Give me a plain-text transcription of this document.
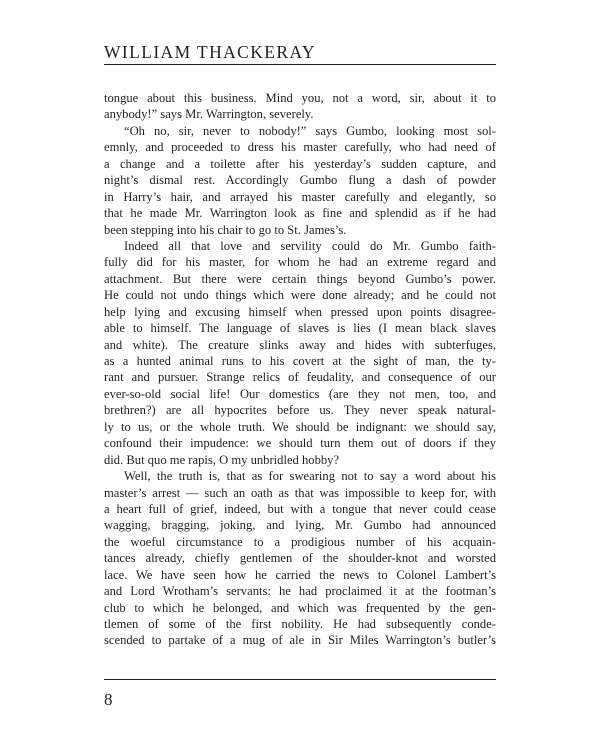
WILLIAM THACKERAY
tongue about this business. Mind you, not a word, sir, about it to
anybody!” says Mr. Warrington, severely.
“Oh no, sir, never to nobody!” says Gumbo, looking most sol-
emnly, and proceeded to dress his master carefully, who had need of
a change and a toilette after his yesterday’s sudden capture, and
night’s dismal rest. Accordingly Gumbo flung a dash of powder
in Harry’s hair, and arrayed his master carefully and elegantly, so
that he made Mr. Warrington look as fine and splendid as if he had
been stepping into his chair to go to St. James’s.
Indeed all that love and servility could do Mr. Gumbo faith-
fully did for his master, for whom he had an extreme regard and
attachment. But there were certain things beyond Gumbo’s power.
He could not undo things which were done already; and he could not
help lying and excusing himself when pressed upon points disagree-
able to himself. The language of slaves is lies (I mean black slaves
and white). The creature slinks away and hides with subterfuges,
as a hunted animal runs to his covert at the sight of man, the ty-
rant and pursuer. Strange relics of feudality, and consequence of our
ever-so-old social life! Our domestics (are they not men, too, and
brethren?) are all hypocrites before us. They never speak natural-
ly to us, or the whole truth. We should be indignant: we should say,
confound their impudence: we should turn them out of doors if they
did. But quo me rapis, O my unbridled hobby?
Well, the truth is, that as for swearing not to say a word about his
master’s arrest — such an oath as that was impossible to keep for, with
a heart full of grief, indeed, but with a tongue that never could cease
wagging, bragging, joking, and lying, Mr. Gumbo had announced
the woeful circumstance to a prodigious number of his acquain-
tances already, chiefly gentlemen of the shoulder-knot and worsted
lace. We have seen how he carried the news to Colonel Lambert’s
and Lord Wrotham’s servants: he had proclaimed it at the footman’s
club to which he belonged, and which was frequented by the gen-
tlemen of some of the first nobility. He had subsequently conde-
scended to partake of a mug of ale in Sir Miles Warrington’s butler’s
8
